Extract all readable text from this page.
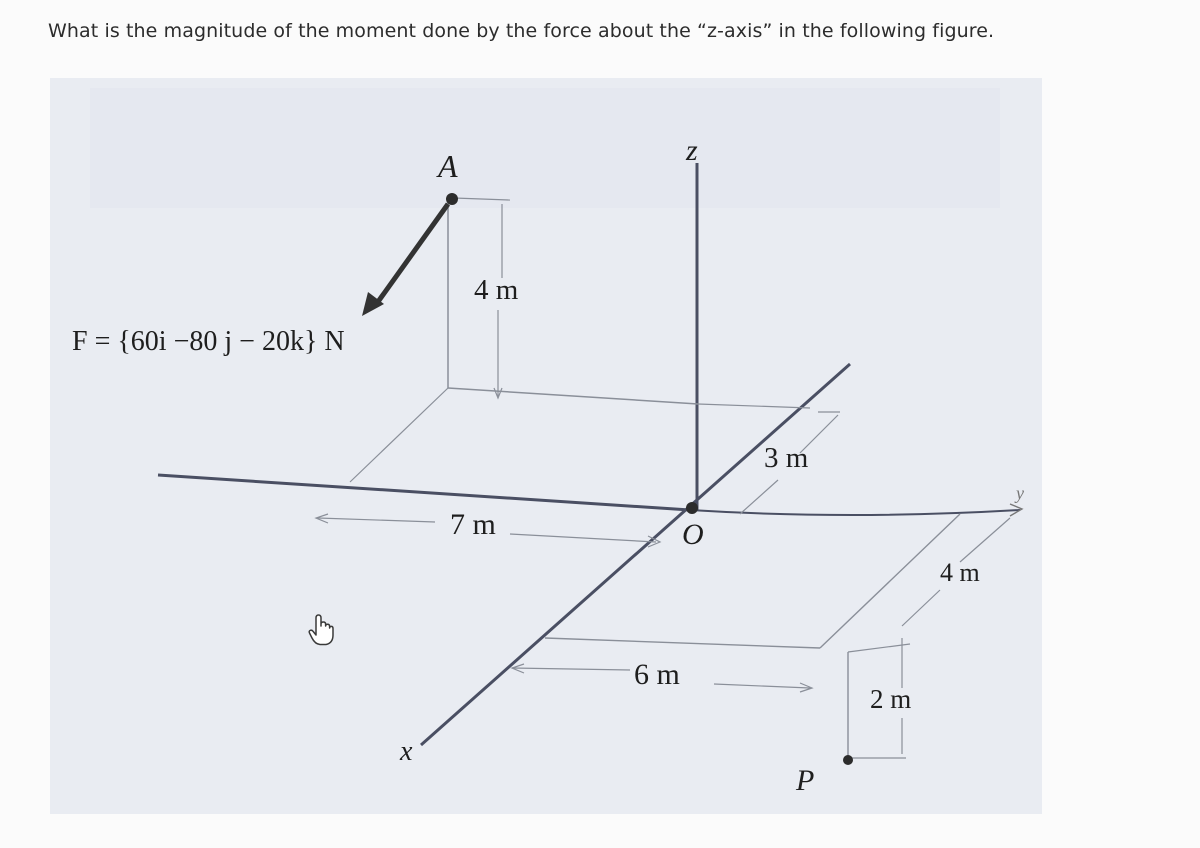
What is the magnitude of the moment done by the force about the “z-axis” in the following figure.
A	z
4 m
F = {60i −80 j − 20k} N
3 m
7 m	O
y
4 m
6 m
2 m
x
P
